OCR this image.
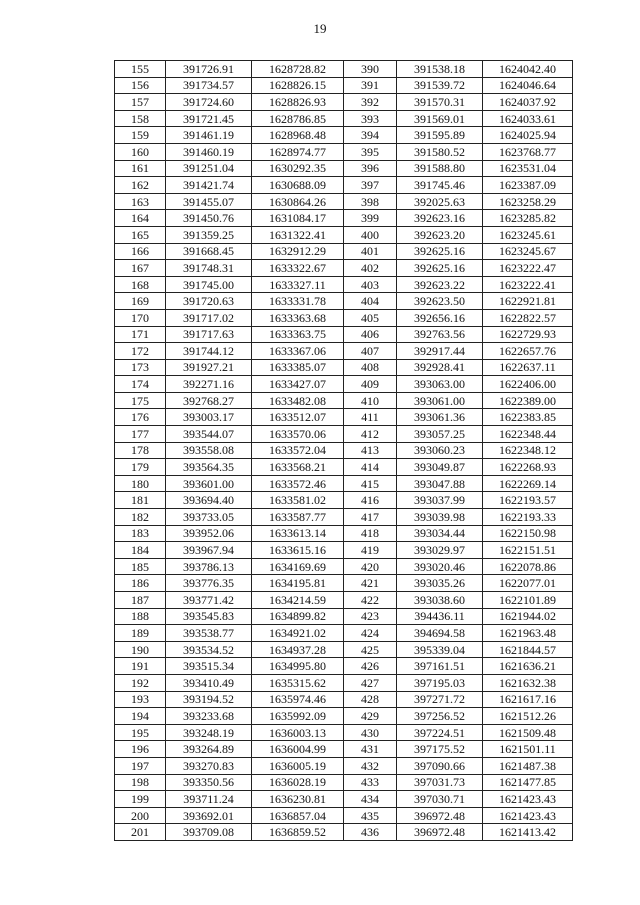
19
155	391726.91	1628728.82	390	391538.18	1624042.40
156	391734.57	1628826.15	391	391539.72	1624046.64
157	391724.60	1628826.93	392	391570.31	1624037.92
158	391721.45	1628786.85	393	391569.01	1624033.61
159	391461.19	1628968.48	394	391595.89	1624025.94
160	391460.19	1628974.77	395	391580.52	1623768.77
161	391251.04	1630292.35	396	391588.80	1623531.04
162	391421.74	1630688.09	397	391745.46	1623387.09
163	391455.07	1630864.26	398	392025.63	1623258.29
164	391450.76	1631084.17	399	392623.16	1623285.82
165	391359.25	1631322.41	400	392623.20	1623245.61
166	391668.45	1632912.29	401	392625.16	1623245.67
167	391748.31	1633322.67	402	392625.16	1623222.47
168	391745.00	1633327.11	403	392623.22	1623222.41
169	391720.63	1633331.78	404	392623.50	1622921.81
170	391717.02	1633363.68	405	392656.16	1622822.57
171	391717.63	1633363.75	406	392763.56	1622729.93
172	391744.12	1633367.06	407	392917.44	1622657.76
173	391927.21	1633385.07	408	392928.41	1622637.11
174	392271.16	1633427.07	409	393063.00	1622406.00
175	392768.27	1633482.08	410	393061.00	1622389.00
176	393003.17	1633512.07	411	393061.36	1622383.85
177	393544.07	1633570.06	412	393057.25	1622348.44
178	393558.08	1633572.04	413	393060.23	1622348.12
179	393564.35	1633568.21	414	393049.87	1622268.93
180	393601.00	1633572.46	415	393047.88	1622269.14
181	393694.40	1633581.02	416	393037.99	1622193.57
182	393733.05	1633587.77	417	393039.98	1622193.33
183	393952.06	1633613.14	418	393034.44	1622150.98
184	393967.94	1633615.16	419	393029.97	1622151.51
185	393786.13	1634169.69	420	393020.46	1622078.86
186	393776.35	1634195.81	421	393035.26	1622077.01
187	393771.42	1634214.59	422	393038.60	1622101.89
188	393545.83	1634899.82	423	394436.11	1621944.02
189	393538.77	1634921.02	424	394694.58	1621963.48
190	393534.52	1634937.28	425	395339.04	1621844.57
191	393515.34	1634995.80	426	397161.51	1621636.21
192	393410.49	1635315.62	427	397195.03	1621632.38
193	393194.52	1635974.46	428	397271.72	1621617.16
194	393233.68	1635992.09	429	397256.52	1621512.26
195	393248.19	1636003.13	430	397224.51	1621509.48
196	393264.89	1636004.99	431	397175.52	1621501.11
197	393270.83	1636005.19	432	397090.66	1621487.38
198	393350.56	1636028.19	433	397031.73	1621477.85
199	393711.24	1636230.81	434	397030.71	1621423.43
200	393692.01	1636857.04	435	396972.48	1621423.43
201	393709.08	1636859.52	436	396972.48	1621413.42
